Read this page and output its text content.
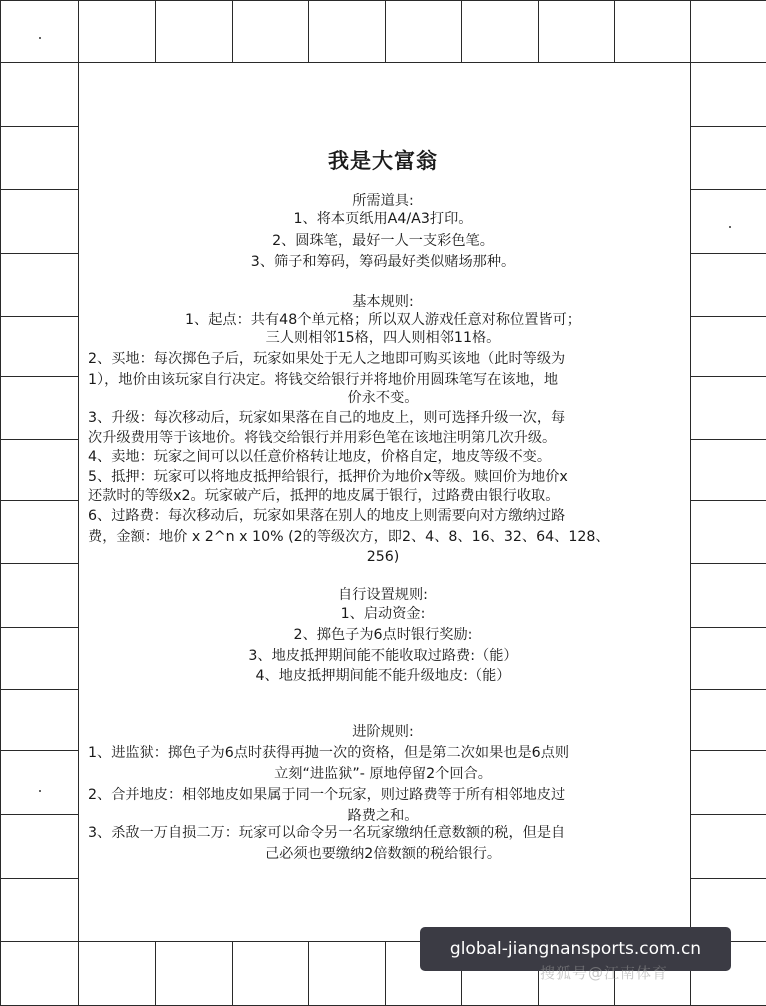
我是大富翁
所需道具:
1、将本页纸用A4/A3打印。
2、圆珠笔，最好一人一支彩色笔。
3、筛子和筹码，筹码最好类似赌场那种。
基本规则:
1、起点：共有48个单元格；所以双人游戏任意对称位置皆可；
三人则相邻15格，四人则相邻11格。
2、买地：每次掷色子后，玩家如果处于无人之地即可购买该地（此时等级为
1），地价由该玩家自行决定。将钱交给银行并将地价用圆珠笔写在该地，地
价永不变。
3、升级：每次移动后，玩家如果落在自己的地皮上，则可选择升级一次，每
次升级费用等于该地价。将钱交给银行并用彩色笔在该地注明第几次升级。
4、卖地：玩家之间可以以任意价格转让地皮，价格自定，地皮等级不变。
5、抵押：玩家可以将地皮抵押给银行，抵押价为地价x等级。赎回价为地价x
还款时的等级x2。玩家破产后，抵押的地皮属于银行，过路费由银行收取。
6、过路费：每次移动后，玩家如果落在别人的地皮上则需要向对方缴纳过路
费，金额：地价 x 2^n x 10% (2的等级次方，即2、4、8、16、32、64、128、
256)
自行设置规则:
1、启动资金:
2、掷色子为6点时银行奖励:
3、地皮抵押期间能不能收取过路费:（能）
4、地皮抵押期间能不能升级地皮:（能）
进阶规则:
1、进监狱：掷色子为6点时获得再抛一次的资格，但是第二次如果也是6点则
立刻“进监狱”- 原地停留2个回合。
2、合并地皮：相邻地皮如果属于同一个玩家，则过路费等于所有相邻地皮过
路费之和。
3、杀敌一万自损二万：玩家可以命令另一名玩家缴纳任意数额的税，但是自
己必须也要缴纳2倍数额的税给银行。
global-jiangnansports.com.cn
搜狐号@江南体育
